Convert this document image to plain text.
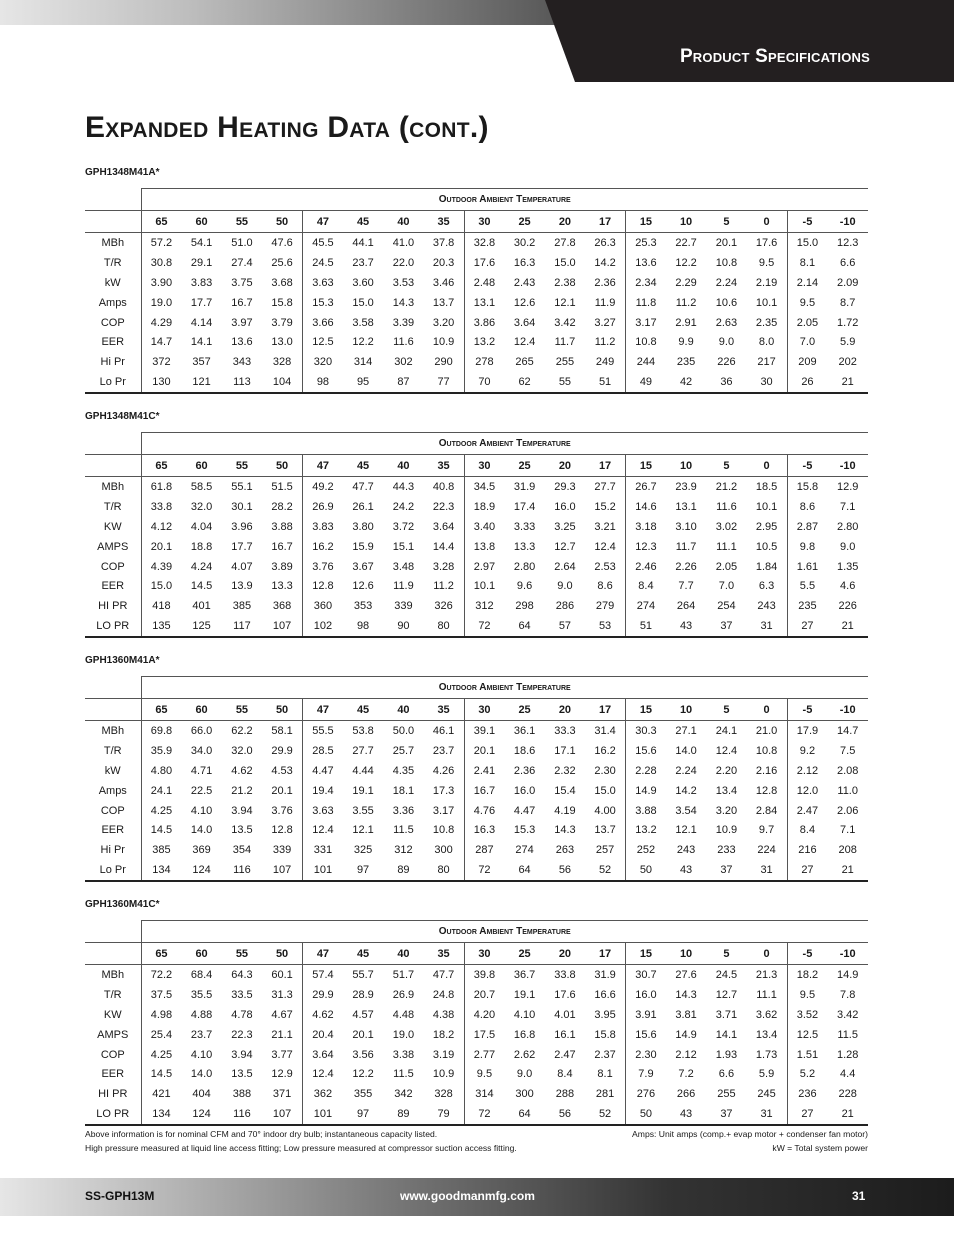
Product Specifications
Expanded Heating Data (cont.)
GPH1348M41A*
	Outdoor Ambient Temperature																	
	65	60	55	50	47	45	40	35	30	25	20	17	15	10	5	0	-5	-10
MBh	57.2	54.1	51.0	47.6	45.5	44.1	41.0	37.8	32.8	30.2	27.8	26.3	25.3	22.7	20.1	17.6	15.0	12.3
T/R	30.8	29.1	27.4	25.6	24.5	23.7	22.0	20.3	17.6	16.3	15.0	14.2	13.6	12.2	10.8	9.5	8.1	6.6
kW	3.90	3.83	3.75	3.68	3.63	3.60	3.53	3.46	2.48	2.43	2.38	2.36	2.34	2.29	2.24	2.19	2.14	2.09
Amps	19.0	17.7	16.7	15.8	15.3	15.0	14.3	13.7	13.1	12.6	12.1	11.9	11.8	11.2	10.6	10.1	9.5	8.7
COP	4.29	4.14	3.97	3.79	3.66	3.58	3.39	3.20	3.86	3.64	3.42	3.27	3.17	2.91	2.63	2.35	2.05	1.72
EER	14.7	14.1	13.6	13.0	12.5	12.2	11.6	10.9	13.2	12.4	11.7	11.2	10.8	9.9	9.0	8.0	7.0	5.9
Hi Pr	372	357	343	328	320	314	302	290	278	265	255	249	244	235	226	217	209	202
Lo Pr	130	121	113	104	98	95	87	77	70	62	55	51	49	42	36	30	26	21
GPH1348M41C*
	Outdoor Ambient Temperature																	
	65	60	55	50	47	45	40	35	30	25	20	17	15	10	5	0	-5	-10
MBh	61.8	58.5	55.1	51.5	49.2	47.7	44.3	40.8	34.5	31.9	29.3	27.7	26.7	23.9	21.2	18.5	15.8	12.9
T/R	33.8	32.0	30.1	28.2	26.9	26.1	24.2	22.3	18.9	17.4	16.0	15.2	14.6	13.1	11.6	10.1	8.6	7.1
KW	4.12	4.04	3.96	3.88	3.83	3.80	3.72	3.64	3.40	3.33	3.25	3.21	3.18	3.10	3.02	2.95	2.87	2.80
AMPS	20.1	18.8	17.7	16.7	16.2	15.9	15.1	14.4	13.8	13.3	12.7	12.4	12.3	11.7	11.1	10.5	9.8	9.0
COP	4.39	4.24	4.07	3.89	3.76	3.67	3.48	3.28	2.97	2.80	2.64	2.53	2.46	2.26	2.05	1.84	1.61	1.35
EER	15.0	14.5	13.9	13.3	12.8	12.6	11.9	11.2	10.1	9.6	9.0	8.6	8.4	7.7	7.0	6.3	5.5	4.6
HI PR	418	401	385	368	360	353	339	326	312	298	286	279	274	264	254	243	235	226
LO PR	135	125	117	107	102	98	90	80	72	64	57	53	51	43	37	31	27	21
GPH1360M41A*
	Outdoor Ambient Temperature																	
	65	60	55	50	47	45	40	35	30	25	20	17	15	10	5	0	-5	-10
MBh	69.8	66.0	62.2	58.1	55.5	53.8	50.0	46.1	39.1	36.1	33.3	31.4	30.3	27.1	24.1	21.0	17.9	14.7
T/R	35.9	34.0	32.0	29.9	28.5	27.7	25.7	23.7	20.1	18.6	17.1	16.2	15.6	14.0	12.4	10.8	9.2	7.5
kW	4.80	4.71	4.62	4.53	4.47	4.44	4.35	4.26	2.41	2.36	2.32	2.30	2.28	2.24	2.20	2.16	2.12	2.08
Amps	24.1	22.5	21.2	20.1	19.4	19.1	18.1	17.3	16.7	16.0	15.4	15.0	14.9	14.2	13.4	12.8	12.0	11.0
COP	4.25	4.10	3.94	3.76	3.63	3.55	3.36	3.17	4.76	4.47	4.19	4.00	3.88	3.54	3.20	2.84	2.47	2.06
EER	14.5	14.0	13.5	12.8	12.4	12.1	11.5	10.8	16.3	15.3	14.3	13.7	13.2	12.1	10.9	9.7	8.4	7.1
Hi Pr	385	369	354	339	331	325	312	300	287	274	263	257	252	243	233	224	216	208
Lo Pr	134	124	116	107	101	97	89	80	72	64	56	52	50	43	37	31	27	21
GPH1360M41C*
	Outdoor Ambient Temperature																	
	65	60	55	50	47	45	40	35	30	25	20	17	15	10	5	0	-5	-10
MBh	72.2	68.4	64.3	60.1	57.4	55.7	51.7	47.7	39.8	36.7	33.8	31.9	30.7	27.6	24.5	21.3	18.2	14.9
T/R	37.5	35.5	33.5	31.3	29.9	28.9	26.9	24.8	20.7	19.1	17.6	16.6	16.0	14.3	12.7	11.1	9.5	7.8
KW	4.98	4.88	4.78	4.67	4.62	4.57	4.48	4.38	4.20	4.10	4.01	3.95	3.91	3.81	3.71	3.62	3.52	3.42
AMPS	25.4	23.7	22.3	21.1	20.4	20.1	19.0	18.2	17.5	16.8	16.1	15.8	15.6	14.9	14.1	13.4	12.5	11.5
COP	4.25	4.10	3.94	3.77	3.64	3.56	3.38	3.19	2.77	2.62	2.47	2.37	2.30	2.12	1.93	1.73	1.51	1.28
EER	14.5	14.0	13.5	12.9	12.4	12.2	11.5	10.9	9.5	9.0	8.4	8.1	7.9	7.2	6.6	5.9	5.2	4.4
HI PR	421	404	388	371	362	355	342	328	314	300	288	281	276	266	255	245	236	228
LO PR	134	124	116	107	101	97	89	79	72	64	56	52	50	43	37	31	27	21
Above information is for nominal CFM and 70° indoor dry bulb; instantaneous capacity listed.
High pressure measured at liquid line access fitting; Low pressure measured at compressor suction access fitting.
Amps: Unit amps (comp.+ evap motor + condenser fan motor)
kW = Total system power
SS-GPH13M	www.goodmanmfg.com	31
